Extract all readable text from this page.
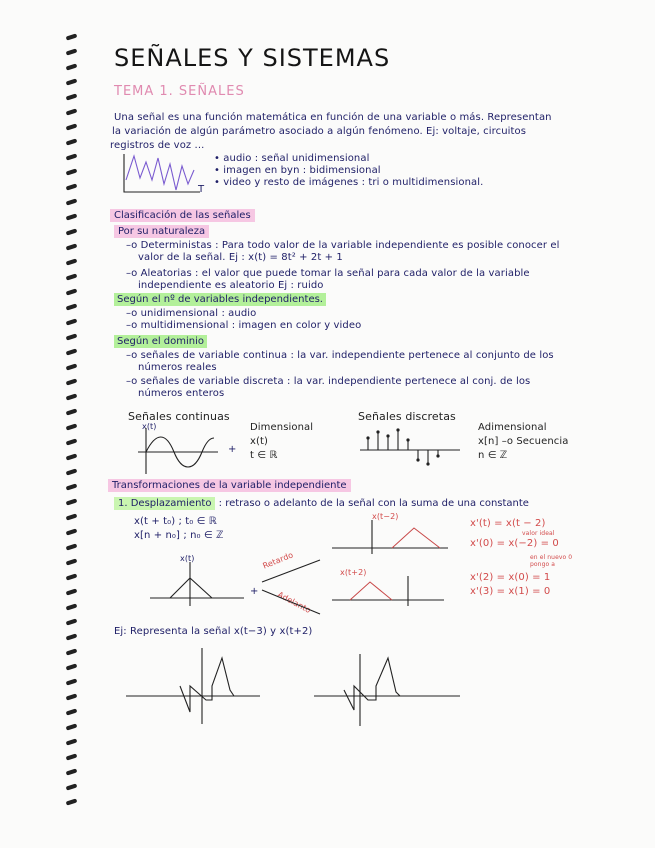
SEÑALES Y SISTEMAS
TEMA 1. SEÑALES
Una señal es una función matemática en función de una variable o más. Representan
la variación de algún parámetro asociado a algún fenómeno. Ej: voltaje, circuitos
registros de voz ...
T
• audio : señal unidimensional
• imagen en byn : bidimensional
• video y resto de imágenes : tri o multidimensional.
Clasificación de las señales
Por su naturaleza
–o Deterministas : Para todo valor de la variable independiente es posible conocer el
valor de la señal. Ej : x(t) = 8t² + 2t + 1
–o Aleatorias : el valor que puede tomar la señal para cada valor de la variable
independiente es aleatorio Ej : ruido
Según el nº de variables independientes.
–o unidimensional : audio
–o multidimensional : imagen en color y video
Según el dominio
–o señales de variable continua : la var. independiente pertenece al conjunto de los
números reales
–o señales de variable discreta : la var. independiente pertenece al conj. de los
números enteros
Señales continuas
x(t)
+
Dimensional
x(t)
t ∈ ℝ
Señales discretas
Adimensional
x[n] –o Secuencia
n ∈ ℤ
Transformaciones de la variable independiente
1. Desplazamiento : retraso o adelanto de la señal con la suma de una constante
x(t + t₀) ; t₀ ∈ ℝ
x[n + n₀] ; n₀ ∈ ℤ
x(t)
+
Retardo
Adelanto
x(t−2)
x(t+2)
x'(t) = x(t − 2)
valor ideal
x'(0) = x(−2) = 0
en el nuevo 0 pongo a
x'(2) = x(0) = 1
x'(3) = x(1) = 0
Ej: Representa la señal x(t−3) y x(t+2)
